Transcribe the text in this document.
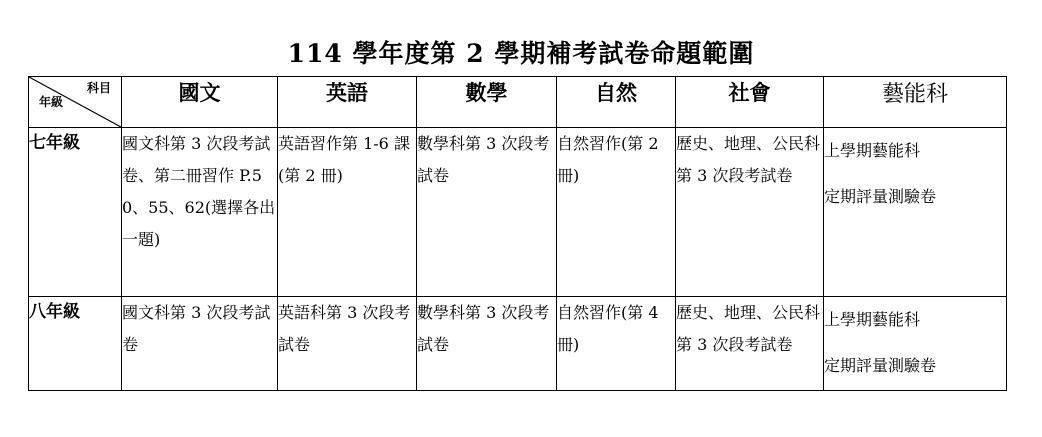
114 學年度第 2 學期補考試卷命題範圍
科目
年級	國文	英語	數學	自然	社會	藝能科
七年級	國文科第 3 次段考試卷、第二冊習作 P.50、55、62(選擇各出一題)	英語習作第 1-6 課(第 2 冊)	數學科第 3 次段考試卷	自然習作(第 2 冊)	歷史、地理、公民科第 3 次段考試卷	上學期藝能科
定期評量測驗卷

八年級	國文科第 3 次段考試卷	英語科第 3 次段考試卷	數學科第 3 次段考試卷	自然習作(第 4 冊)	歷史、地理、公民科第 3 次段考試卷	上學期藝能科
定期評量測驗卷
